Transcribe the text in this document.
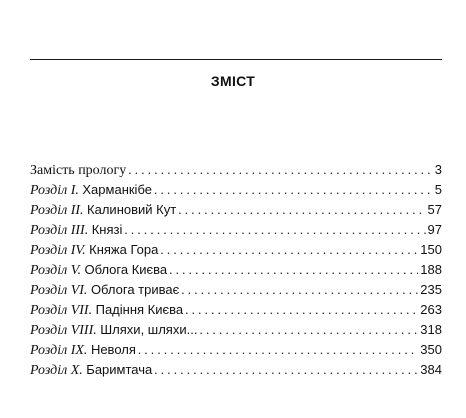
ЗМІСТ
Замість прологу . . .	3
Розділ І. Харманкібе . . .	5
Розділ ІІ. Калиновий Кут . . .	57
Розділ ІІІ. Князі . . .	97
Розділ IV. Княжа Гора . . .	150
Розділ V. Облога Києва . . .	188
Розділ VI. Облога триває . . .	235
Розділ VII. Падіння Києва . . .	263
Розділ VIII. Шляхи, шляхи... . . .	318
Розділ ІХ. Неволя . . .	350
Розділ Х. Баримтача . . .	384
